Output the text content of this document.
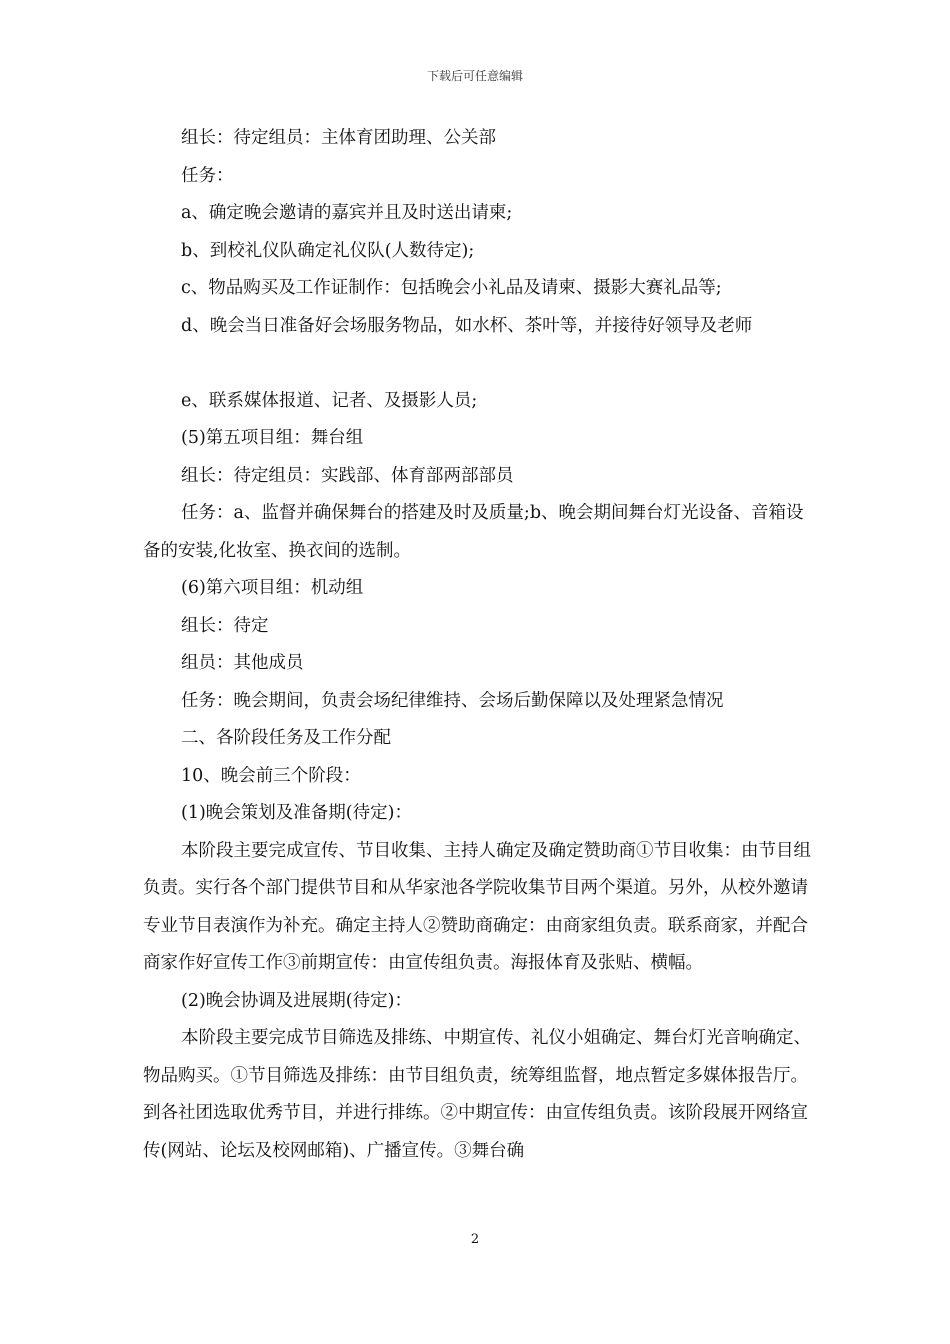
下载后可任意编辑

组长：待定组员：主体育团助理、公关部

任务：

a、确定晚会邀请的嘉宾并且及时送出请柬;

b、到校礼仪队确定礼仪队(人数待定);

c、物品购买及工作证制作：包括晚会小礼品及请柬、摄影大赛礼品等;

d、晚会当日准备好会场服务物品，如水杯、茶叶等，并接待好领导及老师

e、联系媒体报道、记者、及摄影人员;

(5)第五项目组：舞台组

组长：待定组员：实践部、体育部两部部员

任务：a、监督并确保舞台的搭建及时及质量;b、晚会期间舞台灯光设备、音箱设备的安装,化妆室、换衣间的选制。

(6)第六项目组：机动组

组长：待定

组员：其他成员

任务：晚会期间，负责会场纪律维持、会场后勤保障以及处理紧急情况

二、各阶段任务及工作分配

10、晚会前三个阶段：

(1)晚会策划及准备期(待定)：

本阶段主要完成宣传、节目收集、主持人确定及确定赞助商①节目收集：由节目组负责。实行各个部门提供节目和从华家池各学院收集节目两个渠道。另外，从校外邀请专业节目表演作为补充。确定主持人②赞助商确定：由商家组负责。联系商家，并配合商家作好宣传工作③前期宣传：由宣传组负责。海报体育及张贴、横幅。

(2)晚会协调及进展期(待定)：

本阶段主要完成节目筛选及排练、中期宣传、礼仪小姐确定、舞台灯光音响确定、物品购买。①节目筛选及排练：由节目组负责，统筹组监督，地点暂定多媒体报告厅。到各社团选取优秀节目，并进行排练。②中期宣传：由宣传组负责。该阶段展开网络宣传(网站、论坛及校网邮箱)、广播宣传。③舞台确

2
